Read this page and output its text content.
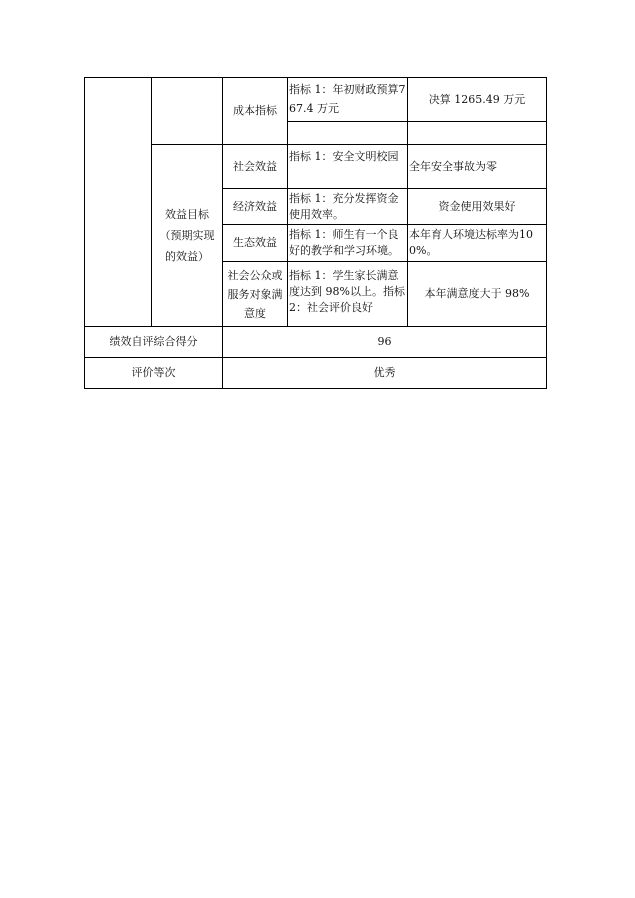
成本指标
指标 1：年初财政预算767.4 万元
决算 1265.49 万元
效益目标（预期实现的效益）
社会效益
指标 1：安全文明校园
全年安全事故为零
经济效益
指标 1：充分发挥资金使用效率。
资金使用效果好
生态效益
指标 1：师生有一个良好的教学和学习环境。
本年育人环境达标率为100%。
社会公众或服务对象满意度
指标 1：学生家长满意度达到 98%以上。指标 2：社会评价良好
本年满意度大于 98%
绩效自评综合得分	96
评价等次	优秀
